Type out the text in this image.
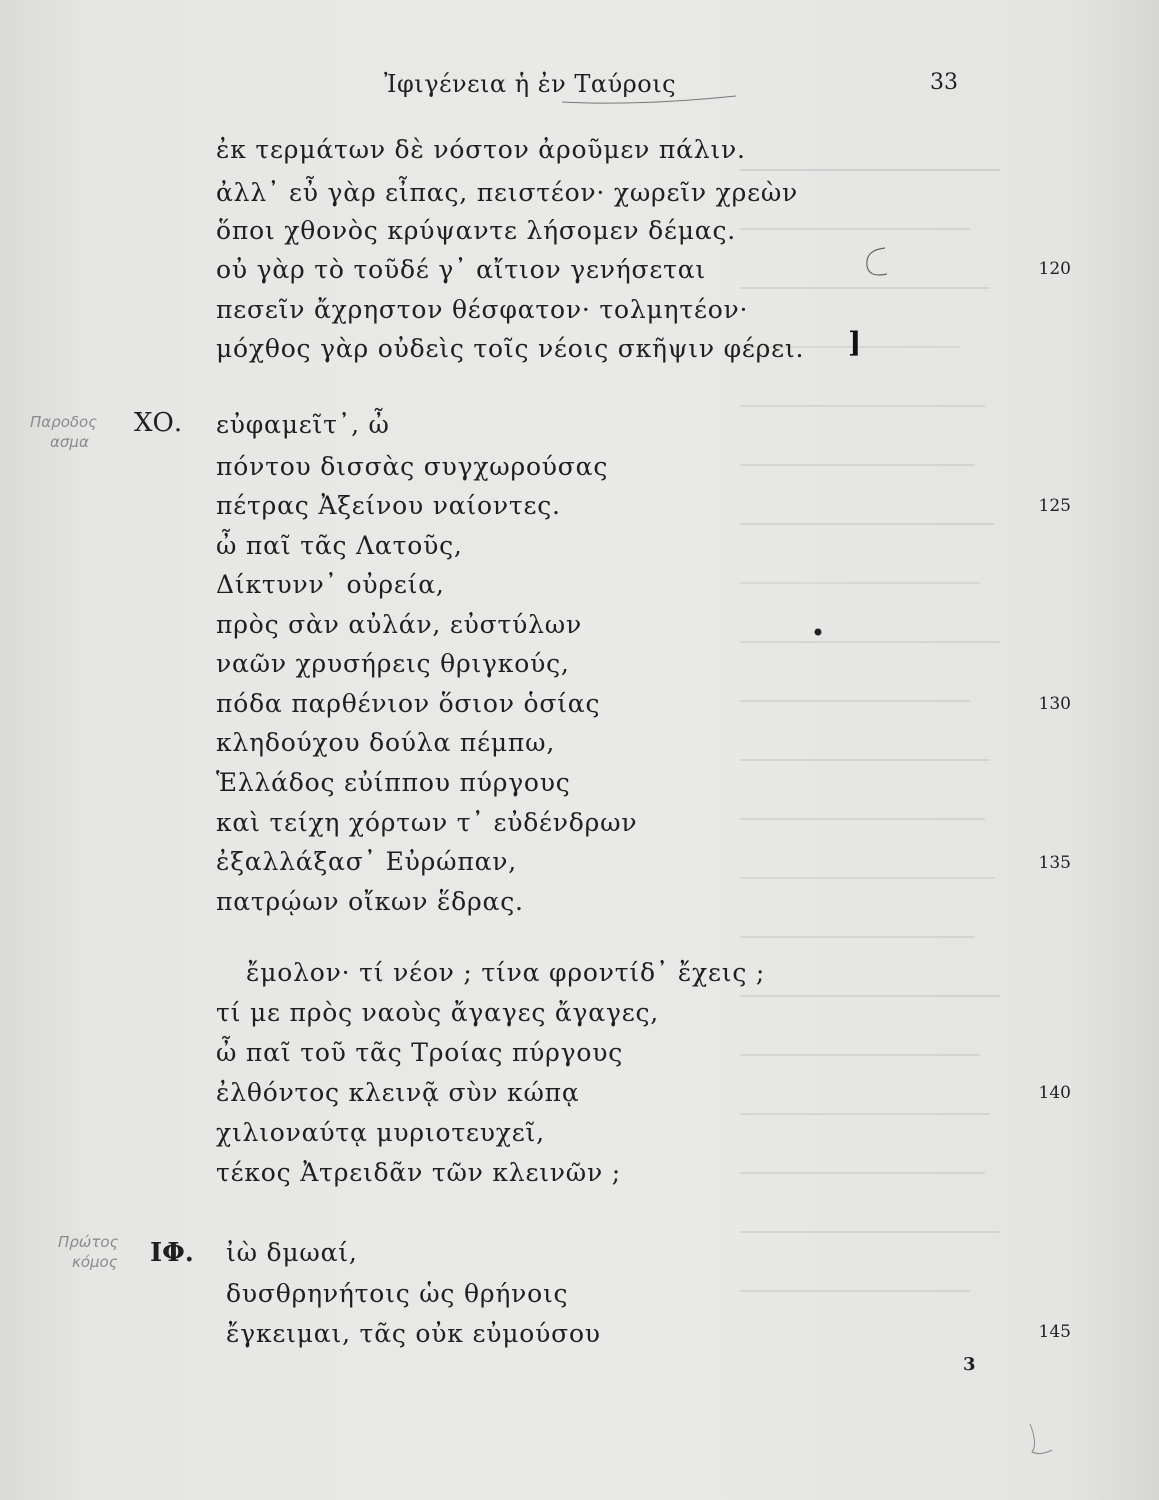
Ἰφιγένεια ἡ ἐν Ταύροις	33
ἐκ τερμάτων δὲ νόστον ἀροῦμεν πάλιν.
ἀλλ᾽ εὖ γὰρ εἶπας, πειστέον· χωρεῖν χρεὼν
ὅποι χθονὸς κρύψαντε λήσομεν δέμας.
οὐ γὰρ τὸ τοῦδέ γ᾽ αἴτιον γενήσεται	120
πεσεῖν ἄχρηστον θέσφατον· τολμητέον·
μόχθος γὰρ οὐδεὶς τοῖς νέοις σκῆψιν φέρει. ]
Παροδος
ασμα
ΧΟ. εὐφαμεῖτ᾽, ὦ
πόντου δισσὰς συγχωρούσας
πέτρας Ἀξείνου ναίοντες.	125
ὦ παῖ τᾶς Λατοῦς,
Δίκτυνν᾽ οὐρεία,
πρὸς σὰν αὐλάν, εὐστύλων
ναῶν χρυσήρεις θριγκούς,
πόδα παρθένιον ὅσιον ὁσίας	130
κληδούχου δούλα πέμπω,
Ἑλλάδος εὐίππου πύργους
καὶ τείχη χόρτων τ᾽ εὐδένδρων
ἐξαλλάξασ᾽ Εὐρώπαν,	135
πατρῴων οἴκων ἕδρας.
ἔμολον· τί νέον ; τίνα φροντίδ᾽ ἔχεις ;
τί με πρὸς ναοὺς ἄγαγες ἄγαγες,
ὦ παῖ τοῦ τᾶς Τροίας πύργους
ἐλθόντος κλεινᾷ σὺν κώπᾳ	140
χιλιοναύτᾳ μυριοτευχεῖ,
τέκος Ἀτρειδᾶν τῶν κλεινῶν ;
Πρώτος
κόμος ΙΦ. ἰὼ δμωαί,
δυσθρηνήτοις ὡς θρήνοις
ἔγκειμαι, τᾶς οὐκ εὐμούσου	145
3
